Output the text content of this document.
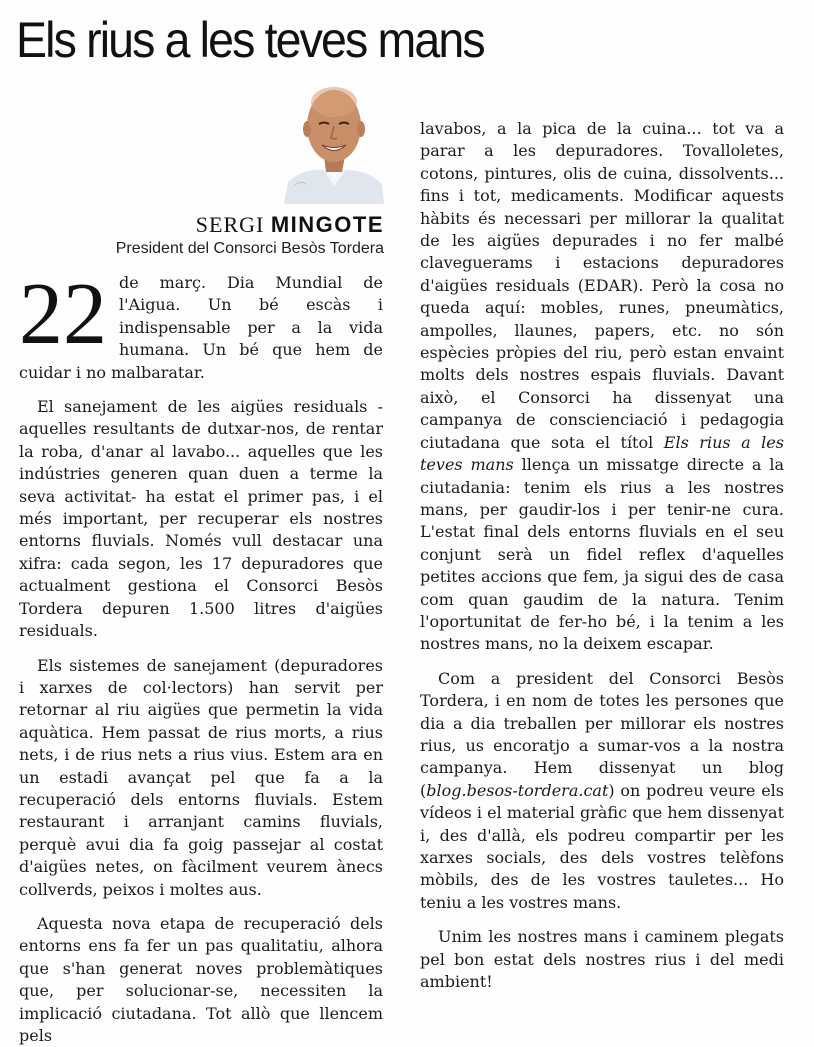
Els rius a les teves mans
SERGI MINGOTE
President del Consorci Besòs Tordera

22 de març. Dia Mundial de l'Aigua. Un bé escàs i indispensable per a la vida humana. Un bé que hem de cuidar i no malbaratar.

El sanejament de les aigües residuals -aquelles resultants de dutxar-nos, de rentar la roba, d'anar al lavabo... aquelles que les indústries generen quan duen a terme la seva activitat- ha estat el primer pas, i el més important, per recuperar els nostres entorns fluvials. Només vull destacar una xifra: cada segon, les 17 depuradores que actualment gestiona el Consorci Besòs Tordera depuren 1.500 litres d'aigües residuals.

Els sistemes de sanejament (depuradores i xarxes de col·lectors) han servit per retornar al riu aigües que permetin la vida aquàtica. Hem passat de rius morts, a rius nets, i de rius nets a rius vius. Estem ara en un estadi avançat pel que fa a la recuperació dels entorns fluvials. Estem restaurant i arranjant camins fluvials, perquè avui dia fa goig passejar al costat d'aigües netes, on fàcilment veurem ànecs collverds, peixos i moltes aus.

Aquesta nova etapa de recuperació dels entorns ens fa fer un pas qualitatiu, alhora que s'han generat noves problemàtiques que, per solucionar-se, necessiten la implicació ciutadana. Tot allò que llencem pels

lavabos, a la pica de la cuina... tot va a parar a les depuradores. Tovalloletes, cotons, pintures, olis de cuina, dissolvents... fins i tot, medicaments. Modificar aquests hàbits és necessari per millorar la qualitat de les aigües depurades i no fer malbé claveguerams i estacions depuradores d'aigües residuals (EDAR). Però la cosa no queda aquí: mobles, runes, pneumàtics, ampolles, llaunes, papers, etc. no són espècies pròpies del riu, però estan envaint molts dels nostres espais fluvials. Davant això, el Consorci ha dissenyat una campanya de conscienciació i pedagogia ciutadana que sota el títol Els rius a les teves mans llença un missatge directe a la ciutadania: tenim els rius a les nostres mans, per gaudir-los i per tenir-ne cura. L'estat final dels entorns fluvials en el seu conjunt serà un fidel reflex d'aquelles petites accions que fem, ja sigui des de casa com quan gaudim de la natura. Tenim l'oportunitat de fer-ho bé, i la tenim a les nostres mans, no la deixem escapar.

Com a president del Consorci Besòs Tordera, i en nom de totes les persones que dia a dia treballen per millorar els nostres rius, us encoratjo a sumar-vos a la nostra campanya. Hem dissenyat un blog (blog.besos-tordera.cat) on podreu veure els vídeos i el material gràfic que hem dissenyat i, des d'allà, els podreu compartir per les xarxes socials, des dels vostres telèfons mòbils, des de les vostres tauletes... Ho teniu a les vostres mans.

Unim les nostres mans i caminem plegats pel bon estat dels nostres rius i del medi ambient!
